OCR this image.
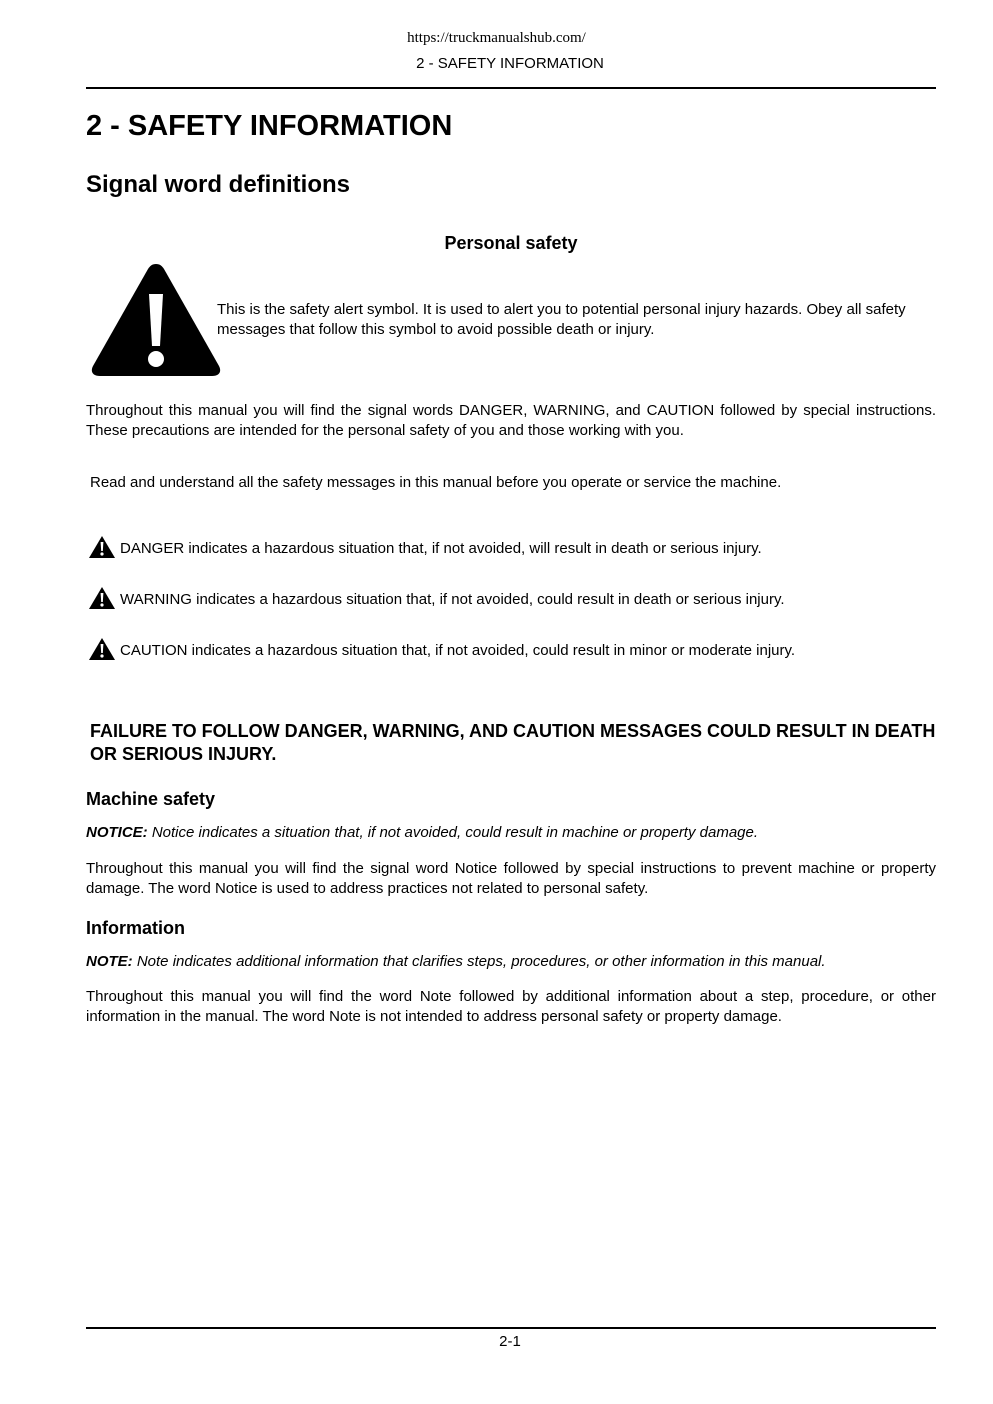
https://truckmanualshub.com/
2 - SAFETY INFORMATION
2 - SAFETY INFORMATION
Signal word definitions
Personal safety
This is the safety alert symbol. It is used to alert you to potential personal injury hazards. Obey all safety messages that follow this symbol to avoid possible death or injury.

Throughout this manual you will find the signal words DANGER, WARNING, and CAUTION followed by special instructions. These precautions are intended for the personal safety of you and those working with you.

Read and understand all the safety messages in this manual before you operate or service the machine.

DANGER indicates a hazardous situation that, if not avoided, will result in death or serious injury.
WARNING indicates a hazardous situation that, if not avoided, could result in death or serious injury.
CAUTION indicates a hazardous situation that, if not avoided, could result in minor or moderate injury.

FAILURE TO FOLLOW DANGER, WARNING, AND CAUTION MESSAGES COULD RESULT IN DEATH OR SERIOUS INJURY.

Machine safety
NOTICE: Notice indicates a situation that, if not avoided, could result in machine or property damage.

Throughout this manual you will find the signal word Notice followed by special instructions to prevent machine or property damage. The word Notice is used to address practices not related to personal safety.

Information
NOTE: Note indicates additional information that clarifies steps, procedures, or other information in this manual.

Throughout this manual you will find the word Note followed by additional information about a step, procedure, or other information in the manual. The word Note is not intended to address personal safety or property damage.

2-1
